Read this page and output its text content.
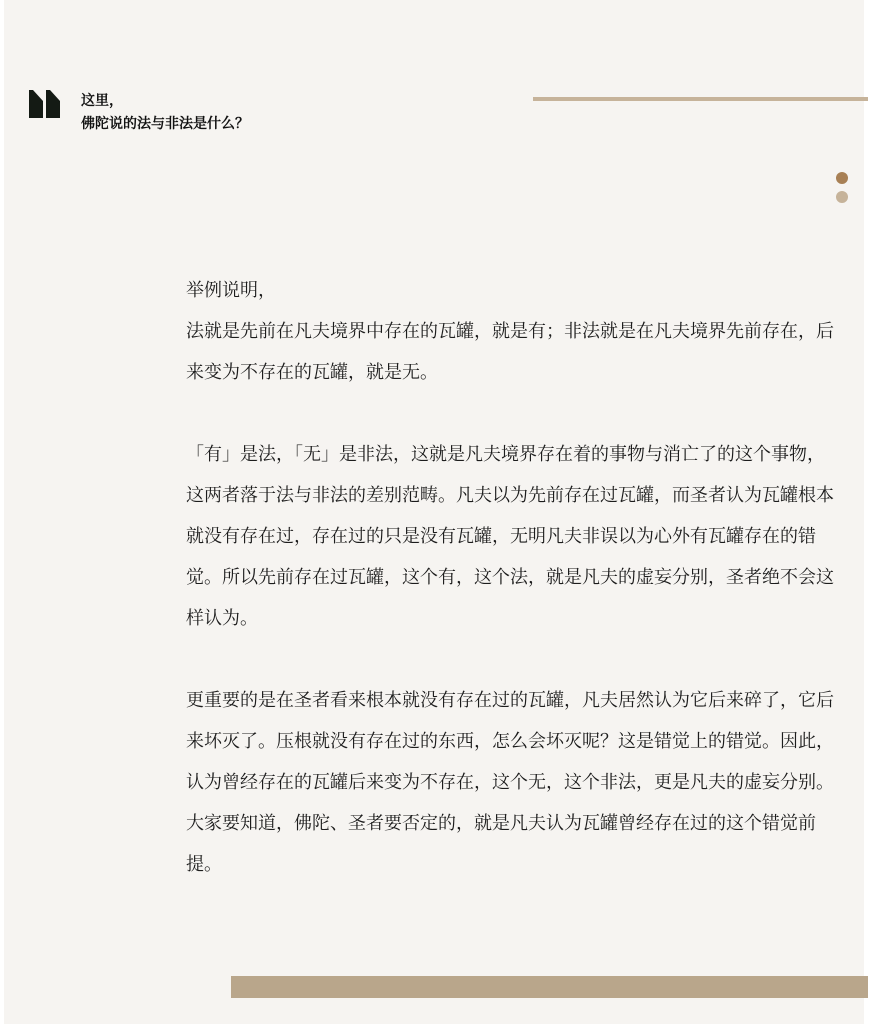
这里，
佛陀说的法与非法是什么？

举例说明，
法就是先前在凡夫境界中存在的瓦罐，就是有；非法就是在凡夫境界先前存在，后来变为不存在的瓦罐，就是无。

「有」是法，「无」是非法，这就是凡夫境界存在着的事物与消亡了的这个事物，这两者落于法与非法的差别范畴。凡夫以为先前存在过瓦罐，而圣者认为瓦罐根本就没有存在过，存在过的只是没有瓦罐，无明凡夫非误以为心外有瓦罐存在的错觉。所以先前存在过瓦罐，这个有，这个法，就是凡夫的虚妄分别，圣者绝不会这样认为。

更重要的是在圣者看来根本就没有存在过的瓦罐，凡夫居然认为它后来碎了，它后来坏灭了。压根就没有存在过的东西，怎么会坏灭呢？这是错觉上的错觉。因此，认为曾经存在的瓦罐后来变为不存在，这个无，这个非法，更是凡夫的虚妄分别。大家要知道，佛陀、圣者要否定的，就是凡夫认为瓦罐曾经存在过的这个错觉前提。
